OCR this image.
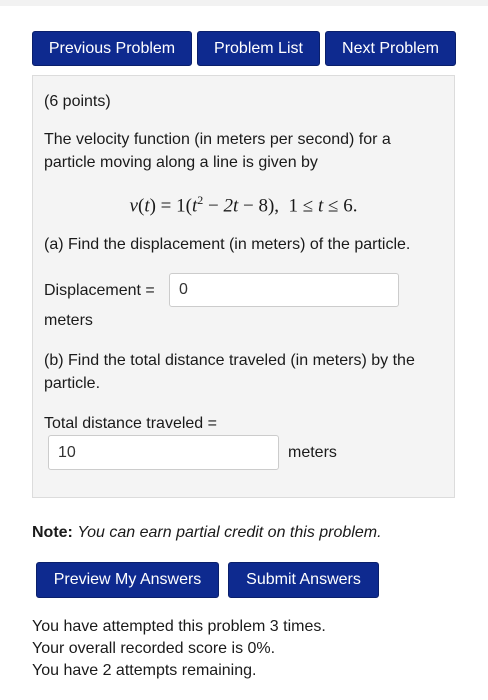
Previous Problem	Problem List	Next Problem
(6 points)
The velocity function (in meters per second) for a
particle moving along a line is given by
$v(t) = 1(t^2 - 2t - 8)$,  1 ≤ t ≤ 6.
(a) Find the displacement (in meters) of the particle.
Displacement =
0
meters
(b) Find the total distance traveled (in meters) by the
particle.
Total distance traveled =
10
meters
Note: You can earn partial credit on this problem.
Preview My Answers	Submit Answers
You have attempted this problem 3 times.
Your overall recorded score is 0%.
You have 2 attempts remaining.
